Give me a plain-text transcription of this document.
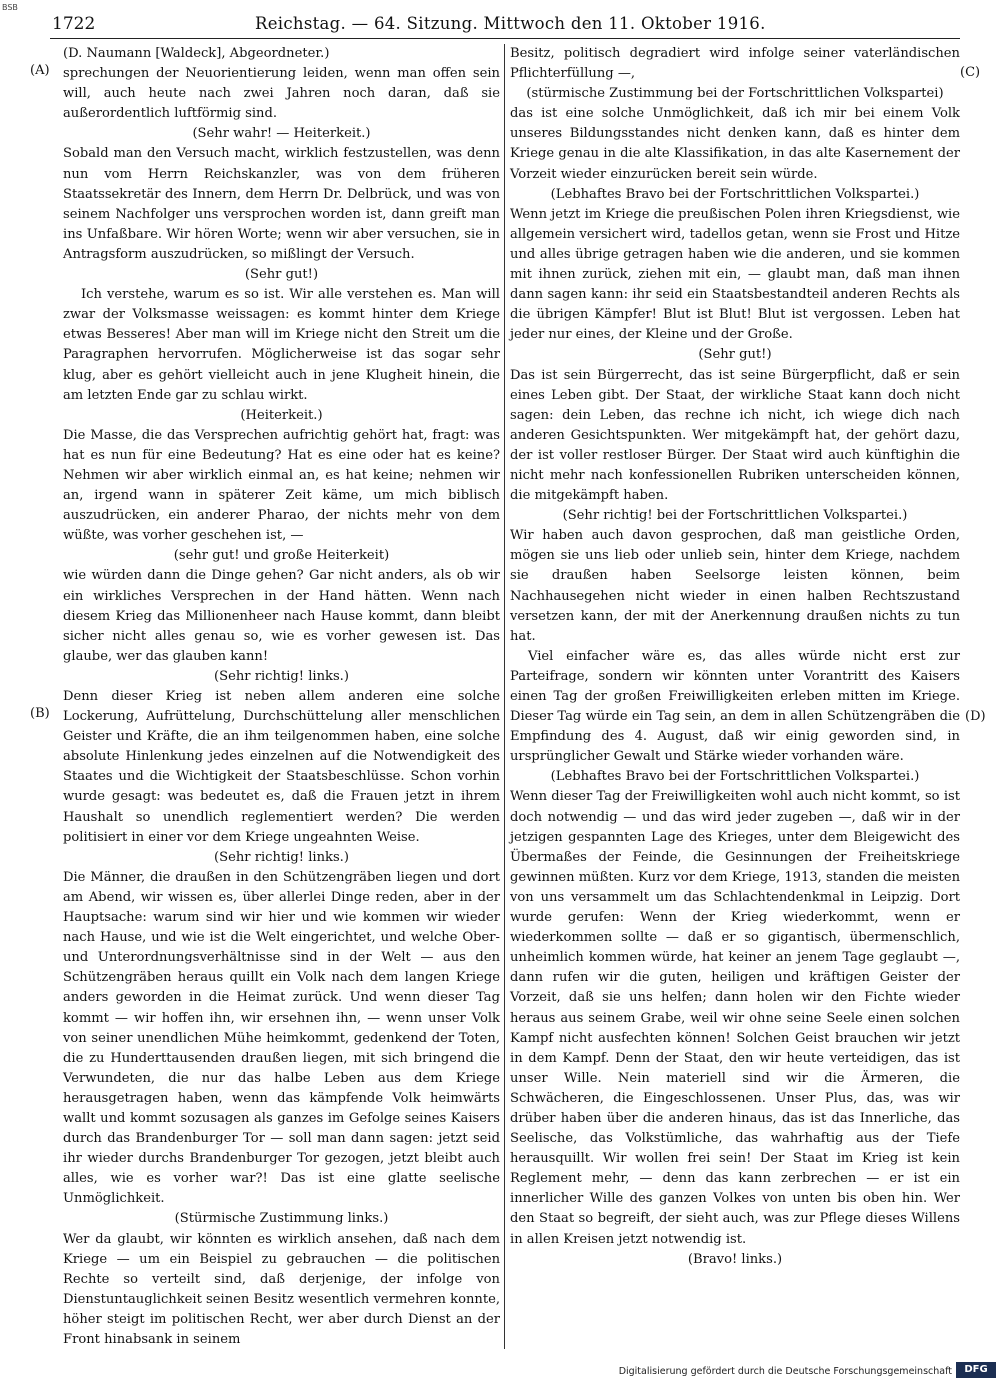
BSB
1722	Reichstag. — 64. Sitzung. Mittwoch den 11. Oktober 1916.
(A)
(B)
(C)
(D)
(D. Naumann [Waldeck], Abgeordneter.)
sprechungen der Neuorientierung leiden, wenn man offen sein will, auch heute nach zwei Jahren noch daran, daß sie außerordentlich luftförmig sind.
(Sehr wahr! — Heiterkeit.)
Sobald man den Versuch macht, wirklich festzustellen, was denn nun vom Herrn Reichskanzler, was von dem früheren Staatssekretär des Innern, dem Herrn Dr. Delbrück, und was von seinem Nachfolger uns versprochen worden ist, dann greift man ins Unfaßbare. Wir hören Worte; wenn wir aber versuchen, sie in Antragsform auszudrücken, so mißlingt der Versuch.
(Sehr gut!)
Ich verstehe, warum es so ist. Wir alle verstehen es. Man will zwar der Volksmasse weissagen: es kommt hinter dem Kriege etwas Besseres! Aber man will im Kriege nicht den Streit um die Paragraphen hervorrufen. Möglicherweise ist das sogar sehr klug, aber es gehört vielleicht auch in jene Klugheit hinein, die am letzten Ende gar zu schlau wirkt.
(Heiterkeit.)
Die Masse, die das Versprechen aufrichtig gehört hat, fragt: was hat es nun für eine Bedeutung? Hat es eine oder hat es keine? Nehmen wir aber wirklich einmal an, es hat keine; nehmen wir an, irgend wann in späterer Zeit käme, um mich biblisch auszudrücken, ein anderer Pharao, der nichts mehr von dem wüßte, was vorher geschehen ist, —
(sehr gut! und große Heiterkeit)
wie würden dann die Dinge gehen? Gar nicht anders, als ob wir ein wirkliches Versprechen in der Hand hätten. Wenn nach diesem Krieg das Millionenheer nach Hause kommt, dann bleibt sicher nicht alles genau so, wie es vorher gewesen ist. Das glaube, wer das glauben kann!
(Sehr richtig! links.)
Denn dieser Krieg ist neben allem anderen eine solche Lockerung, Aufrüttelung, Durchschüttelung aller menschlichen Geister und Kräfte, die an ihm teilgenommen haben, eine solche absolute Hinlenkung jedes einzelnen auf die Notwendigkeit des Staates und die Wichtigkeit der Staatsbeschlüsse. Schon vorhin wurde gesagt: was bedeutet es, daß die Frauen jetzt in ihrem Haushalt so unendlich reglementiert werden? Die werden politisiert in einer vor dem Kriege ungeahnten Weise.
(Sehr richtig! links.)
Die Männer, die draußen in den Schützengräben liegen und dort am Abend, wir wissen es, über allerlei Dinge reden, aber in der Hauptsache: warum sind wir hier und wie kommen wir wieder nach Hause, und wie ist die Welt eingerichtet, und welche Ober- und Unterordnungsverhältnisse sind in der Welt — aus den Schützengräben heraus quillt ein Volk nach dem langen Kriege anders geworden in die Heimat zurück. Und wenn dieser Tag kommt — wir hoffen ihn, wir ersehnen ihn, — wenn unser Volk von seiner unendlichen Mühe heimkommt, gedenkend der Toten, die zu Hunderttausenden draußen liegen, mit sich bringend die Verwundeten, die nur das halbe Leben aus dem Kriege herausgetragen haben, wenn das kämpfende Volk heimwärts wallt und kommt sozusagen als ganzes im Gefolge seines Kaisers durch das Brandenburger Tor — soll man dann sagen: jetzt seid ihr wieder durchs Brandenburger Tor gezogen, jetzt bleibt auch alles, wie es vorher war?! Das ist eine glatte seelische Unmöglichkeit.
(Stürmische Zustimmung links.)
Wer da glaubt, wir könnten es wirklich ansehen, daß nach dem Kriege — um ein Beispiel zu gebrauchen — die politischen Rechte so verteilt sind, daß derjenige, der infolge von Dienstuntauglichkeit seinen Besitz wesentlich vermehren konnte, höher steigt im politischen Recht, wer aber durch Dienst an der Front hinabsank in seinem
Besitz, politisch degradiert wird infolge seiner vaterländischen Pflichterfüllung —,
(stürmische Zustimmung bei der Fortschrittlichen Volkspartei)
das ist eine solche Unmöglichkeit, daß ich mir bei einem Volk unseres Bildungsstandes nicht denken kann, daß es hinter dem Kriege genau in die alte Klassifikation, in das alte Kasernement der Vorzeit wieder einzurücken bereit sein würde.
(Lebhaftes Bravo bei der Fortschrittlichen Volkspartei.)
Wenn jetzt im Kriege die preußischen Polen ihren Kriegsdienst, wie allgemein versichert wird, tadellos getan, wenn sie Frost und Hitze und alles übrige getragen haben wie die anderen, und sie kommen mit ihnen zurück, ziehen mit ein, — glaubt man, daß man ihnen dann sagen kann: ihr seid ein Staatsbestandteil anderen Rechts als die übrigen Kämpfer! Blut ist Blut! Blut ist vergossen. Leben hat jeder nur eines, der Kleine und der Große.
(Sehr gut!)
Das ist sein Bürgerrecht, das ist seine Bürgerpflicht, daß er sein eines Leben gibt. Der Staat, der wirkliche Staat kann doch nicht sagen: dein Leben, das rechne ich nicht, ich wiege dich nach anderen Gesichtspunkten. Wer mitgekämpft hat, der gehört dazu, der ist voller restloser Bürger. Der Staat wird auch künftighin die nicht mehr nach konfessionellen Rubriken unterscheiden können, die mitgekämpft haben.
(Sehr richtig! bei der Fortschrittlichen Volkspartei.)
Wir haben auch davon gesprochen, daß man geistliche Orden, mögen sie uns lieb oder unlieb sein, hinter dem Kriege, nachdem sie draußen haben Seelsorge leisten können, beim Nachhausegehen nicht wieder in einen halben Rechtszustand versetzen kann, der mit der Anerkennung draußen nichts zu tun hat.
Viel einfacher wäre es, das alles würde nicht erst zur Parteifrage, sondern wir könnten unter Vorantritt des Kaisers einen Tag der großen Freiwilligkeiten erleben mitten im Kriege. Dieser Tag würde ein Tag sein, an dem in allen Schützengräben die Empfindung des 4. August, daß wir einig geworden sind, in ursprünglicher Gewalt und Stärke wieder vorhanden wäre.
(Lebhaftes Bravo bei der Fortschrittlichen Volkspartei.)
Wenn dieser Tag der Freiwilligkeiten wohl auch nicht kommt, so ist doch notwendig — und das wird jeder zugeben —, daß wir in der jetzigen gespannten Lage des Krieges, unter dem Bleigewicht des Übermaßes der Feinde, die Gesinnungen der Freiheitskriege gewinnen müßten. Kurz vor dem Kriege, 1913, standen die meisten von uns versammelt um das Schlachtendenkmal in Leipzig. Dort wurde gerufen: Wenn der Krieg wiederkommt, wenn er wiederkommen sollte — daß er so gigantisch, übermenschlich, unheimlich kommen würde, hat keiner an jenem Tage geglaubt —, dann rufen wir die guten, heiligen und kräftigen Geister der Vorzeit, daß sie uns helfen; dann holen wir den Fichte wieder heraus aus seinem Grabe, weil wir ohne seine Seele einen solchen Kampf nicht ausfechten können! Solchen Geist brauchen wir jetzt in dem Kampf. Denn der Staat, den wir heute verteidigen, das ist unser Wille. Nein materiell sind wir die Ärmeren, die Schwächeren, die Eingeschlossenen. Unser Plus, das, was wir drüber haben über die anderen hinaus, das ist das Innerliche, das Seelische, das Volkstümliche, das wahrhaftig aus der Tiefe herausquillt. Wir wollen frei sein! Der Staat im Krieg ist kein Reglement mehr, — denn das kann zerbrechen — er ist ein innerlicher Wille des ganzen Volkes von unten bis oben hin. Wer den Staat so begreift, der sieht auch, was zur Pflege dieses Willens in allen Kreisen jetzt notwendig ist.
(Bravo! links.)
Digitalisierung gefördert durch die Deutsche Forschungsgemeinschaft	DFG
